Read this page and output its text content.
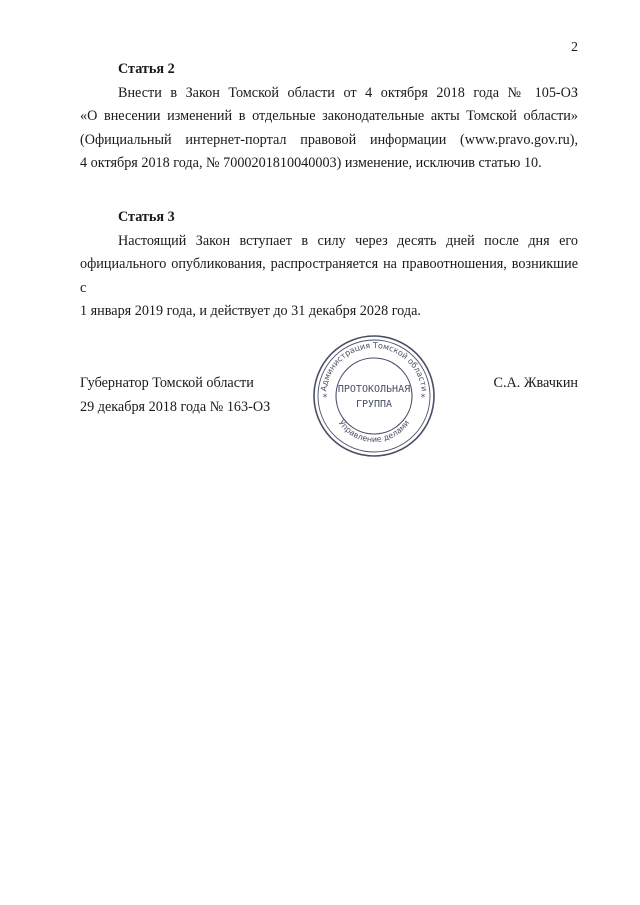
2
Статья 2
Внести в Закон Томской области от 4 октября 2018 года № 105-ОЗ
«О внесении изменений в отдельные законодательные акты Томской области»
(Официальный интернет-портал правовой информации (www.pravo.gov.ru),
4 октября 2018 года, № 7000201810040003) изменение, исключив статью 10.
Статья 3
Настоящий Закон вступает в силу через десять дней после дня его
официального опубликования, распространяется на правоотношения, возникшие с
1 января 2019 года, и действует до 31 декабря 2028 года.
Губернатор Томской области
29 декабря 2018 года № 163-ОЗ
С.А. Жвачкин
Администрация Томской области
Управление делами
*	*
ПРОТОКОЛЬНАЯ
ГРУППА
